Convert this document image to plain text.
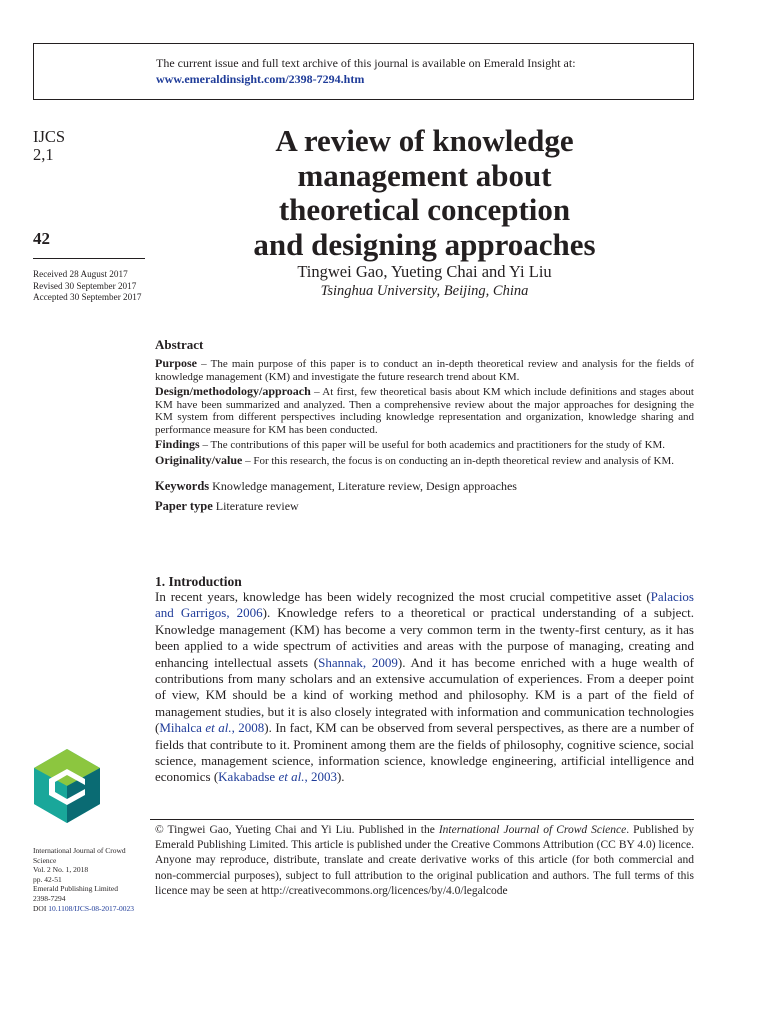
The current issue and full text archive of this journal is available on Emerald Insight at:
www.emeraldinsight.com/2398-7294.htm
IJCS
2,1
42
Received 28 August 2017
Revised 30 September 2017
Accepted 30 September 2017
A review of knowledge
management about
theoretical conception
and designing approaches
Tingwei Gao, Yueting Chai and Yi Liu
Tsinghua University, Beijing, China
Abstract

Purpose – The main purpose of this paper is to conduct an in-depth theoretical review and analysis for the fields of knowledge management (KM) and investigate the future research trend about KM.

Design/methodology/approach – At first, few theoretical basis about KM which include definitions and stages about KM have been summarized and analyzed. Then a comprehensive review about the major approaches for designing the KM system from different perspectives including knowledge representation and organization, knowledge sharing and performance measure for KM has been conducted.

Findings – The contributions of this paper will be useful for both academics and practitioners for the study of KM.

Originality/value – For this research, the focus is on conducting an in-depth theoretical review and analysis of KM.

Keywords Knowledge management, Literature review, Design approaches
Paper type Literature review
1. Introduction
In recent years, knowledge has been widely recognized the most crucial competitive asset (Palacios and Garrigos, 2006). Knowledge refers to a theoretical or practical understanding of a subject. Knowledge management (KM) has become a very common term in the twenty-first century, as it has been applied to a wide spectrum of activities and areas with the purpose of managing, creating and enhancing intellectual assets (Shannak, 2009). And it has become enriched with a huge wealth of contributions from many scholars and an extensive accumulation of experiences. From a deeper point of view, KM should be a kind of working method and philosophy. KM is a part of the field of management studies, but it is also closely integrated with information and communication technologies (Mihalca et al., 2008). In fact, KM can be observed from several perspectives, as there are a number of fields that contribute to it. Prominent among them are the fields of philosophy, cognitive science, social science, management science, information science, knowledge engineering, artificial intelligence and economics (Kakabadse et al., 2003).
© Tingwei Gao, Yueting Chai and Yi Liu. Published in the International Journal of Crowd Science. Published by Emerald Publishing Limited. This article is published under the Creative Commons Attribution (CC BY 4.0) licence. Anyone may reproduce, distribute, translate and create derivative works of this article (for both commercial and non-commercial purposes), subject to full attribution to the original publication and authors. The full terms of this licence may be seen at http://creativecommons.org/licences/by/4.0/legalcode
International Journal of Crowd
Science
Vol. 2 No. 1, 2018
pp. 42-51
Emerald Publishing Limited
2398-7294
DOI 10.1108/IJCS-08-2017-0023
